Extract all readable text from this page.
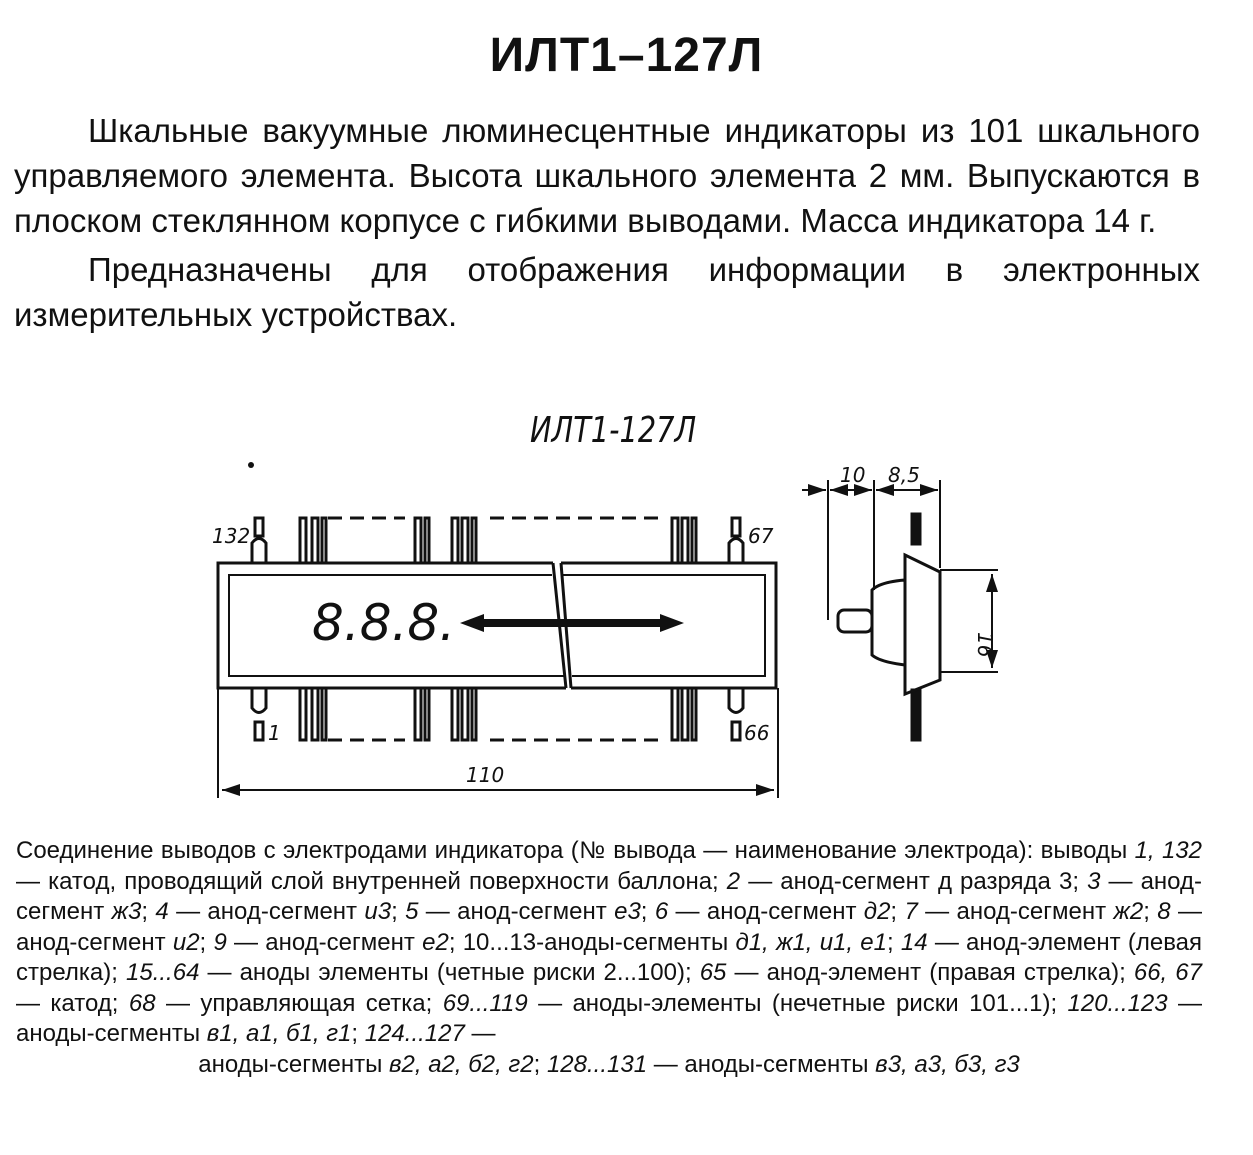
ИЛТ1–127Л

Шкальные вакуумные люминесцентные индикаторы из 101 шкального управляемого элемента. Высота шкального элемента 2 мм. Выпускаются в плоском стеклянном корпусе с гибкими выводами. Масса индикатора 14 г.

Предназначены для отображения информации в электронных измерительных устройствах.

ИЛТ1-127Л
8.8.8.
132	67
1	66
110
10 8,5
16
Соединение выводов с электродами индикатора (№ вывода — наименование электрода): выводы 1, 132 — катод, проводящий слой внутренней поверхности баллона; 2 — анод-сегмент д разряда 3; 3 — анод-сегмент ж3; 4 — анод-сегмент и3; 5 — анод-сегмент е3; 6 — анод-сегмент д2; 7 — анод-сегмент ж2; 8 — анод-сегмент и2; 9 — анод-сегмент е2; 10...13-аноды-сегменты д1, ж1, и1, е1; 14 — анод-элемент (левая стрелка); 15...64 — аноды элементы (четные риски 2...100); 65 — анод-элемент (правая стрелка); 66, 67 — катод; 68 — управляющая сетка; 69...119 — аноды-элементы (нечетные риски 101...1); 120...123 — аноды-сегменты в1, а1, б1, г1; 124...127 —
аноды-сегменты в2, а2, б2, г2; 128...131 — аноды-сегменты в3, а3, б3, г3
